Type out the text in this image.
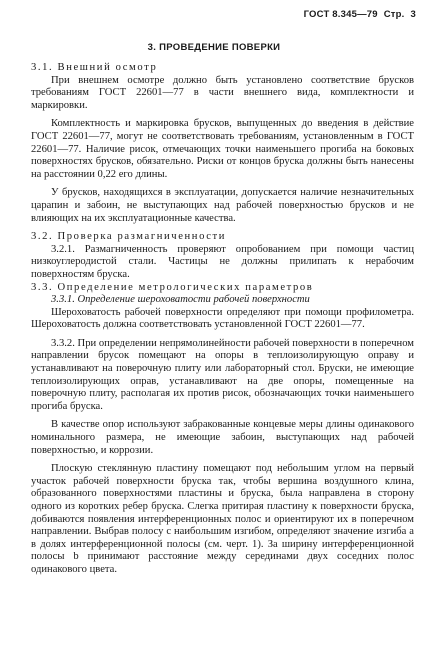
ГОСТ 8.345—79 Стр. 3
3. ПРОВЕДЕНИЕ ПОВЕРКИ

3.1. Внешний осмотр

При внешнем осмотре должно быть установлено соответствие брусков требованиям ГОСТ 22601—77 в части внешнего вида, комплектности и маркировки.

Комплектность и маркировка брусков, выпущенных до введения в действие ГОСТ 22601—77, могут не соответствовать требованиям, установленным в ГОСТ 22601—77. Наличие рисок, отмечающих точки наименьшего прогиба на боковых поверхностях брусков, обязательно. Риски от концов бруска должны быть нанесены на расстоянии 0,22 его длины.

У брусков, находящихся в эксплуатации, допускается наличие незначительных царапин и забоин, не выступающих над рабочей поверхностью брусков и не влияющих на их эксплуатационные качества.

3.2. Проверка размагниченности

3.2.1. Размагниченность проверяют опробованием при помощи частиц низкоуглеродистой стали. Частицы не должны прилипать к нерабочим поверхностям бруска.

3.3. Определение метрологических параметров

3.3.1. Определение шероховатости рабочей поверхности

Шероховатость рабочей поверхности определяют при помощи профилометра. Шероховатость должна соответствовать установленной ГОСТ 22601—77.

3.3.2. При определении непрямолинейности рабочей поверхности в поперечном направлении брусок помещают на опоры в теплоизолирующую оправу и устанавливают на поверочную плиту или лабораторный стол. Бруски, не имеющие теплоизолирующих оправ, устанавливают на две опоры, помещенные на поверочную плиту, располагая их против рисок, обозначающих точки наименьшего прогиба бруска.

В качестве опор используют забракованные концевые меры длины одинакового номинального размера, не имеющие забоин, выступающих над рабочей поверхностью, и коррозии.

Плоскую стеклянную пластину помещают под небольшим углом на первый участок рабочей поверхности бруска так, чтобы вершина воздушного клина, образованного поверхностями пластины и бруска, была направлена в сторону одного из коротких ребер бруска. Слегка притирая пластину к поверхности бруска, добиваются появления интерференционных полос и ориентируют их в поперечном направлении. Выбрав полосу с наибольшим изгибом, определяют значение изгиба a в долях интерференционной полосы (см. черт. 1). За ширину интерференционной полосы b принимают расстояние между серединами двух соседних полос одинакового цвета.
